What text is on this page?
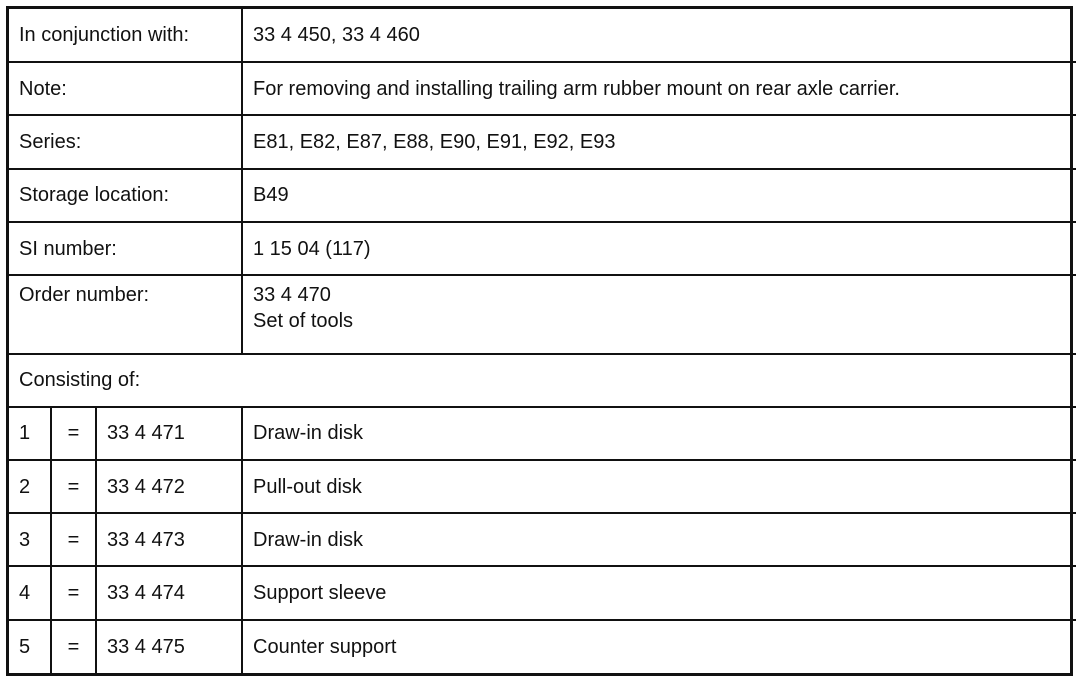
In conjunction with:			33 4 450, 33 4 460
Note:			For removing and installing trailing arm rubber mount on rear axle carrier.
Series:			E81, E82, E87, E88, E90, E91, E92, E93
Storage location:			B49
SI number:			1 15 04 (117)
Order number:			33 4 470
Set of tools

Consisting of:			
1	=	33 4 471	Draw-in disk
2	=	33 4 472	Pull-out disk
3	=	33 4 473	Draw-in disk
4	=	33 4 474	Support sleeve
5	=	33 4 475	Counter support
